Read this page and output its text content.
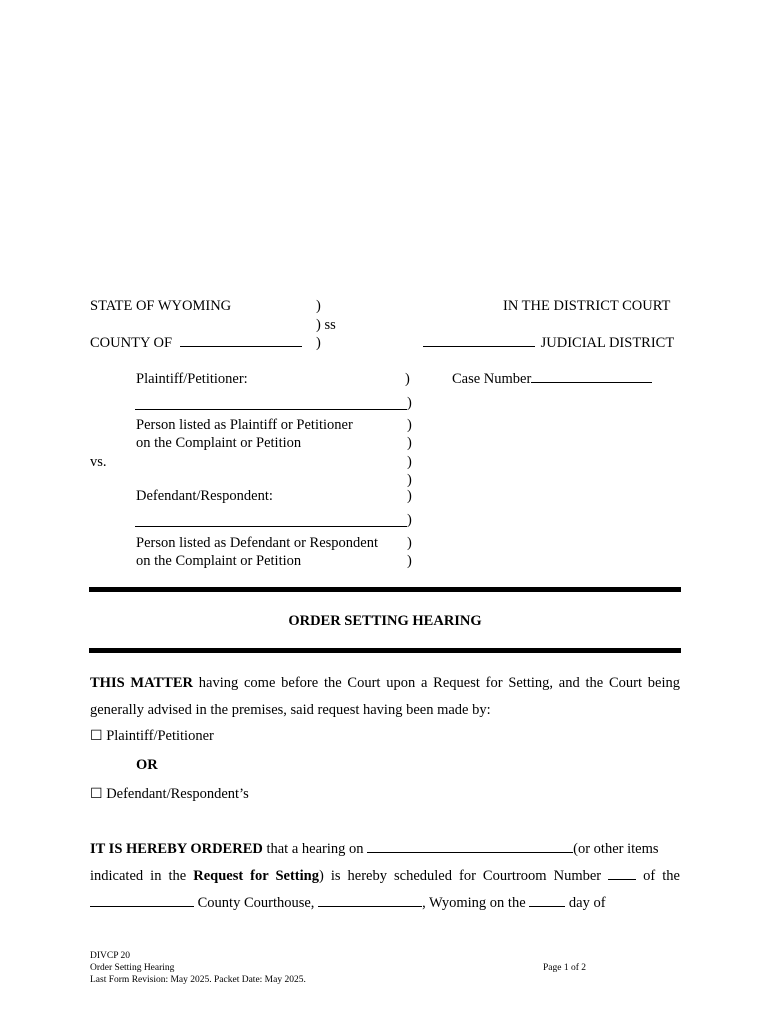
STATE OF WYOMING	)
) ss
)
IN THE DISTRICT COURT
COUNTY OF	JUDICIAL DISTRICT
Plaintiff/Petitioner:	)	Case Number
)
Person listed as Plaintiff or Petitioner
on the Complaint or Petition
)
)
vs.	)
)
Defendant/Respondent:	)
)
Person listed as Defendant or Respondent
on the Complaint or Petition
)
)
ORDER SETTING HEARING
THIS MATTER having come before the Court upon a Request for Setting, and the Court being
generally advised in the premises, said request having been made by:
☐ Plaintiff/Petitioner
OR
☐ Defendant/Respondent’s
IT IS HEREBY ORDERED that a hearing on	(or other items
indicated in the Request for Setting) is hereby scheduled for Courtroom Number  of the
County Courthouse,	, Wyoming on the  day of
DIVCP 20
Order Setting Hearing
Last Form Revision: May 2025. Packet Date: May 2025.
Page 1 of 2
